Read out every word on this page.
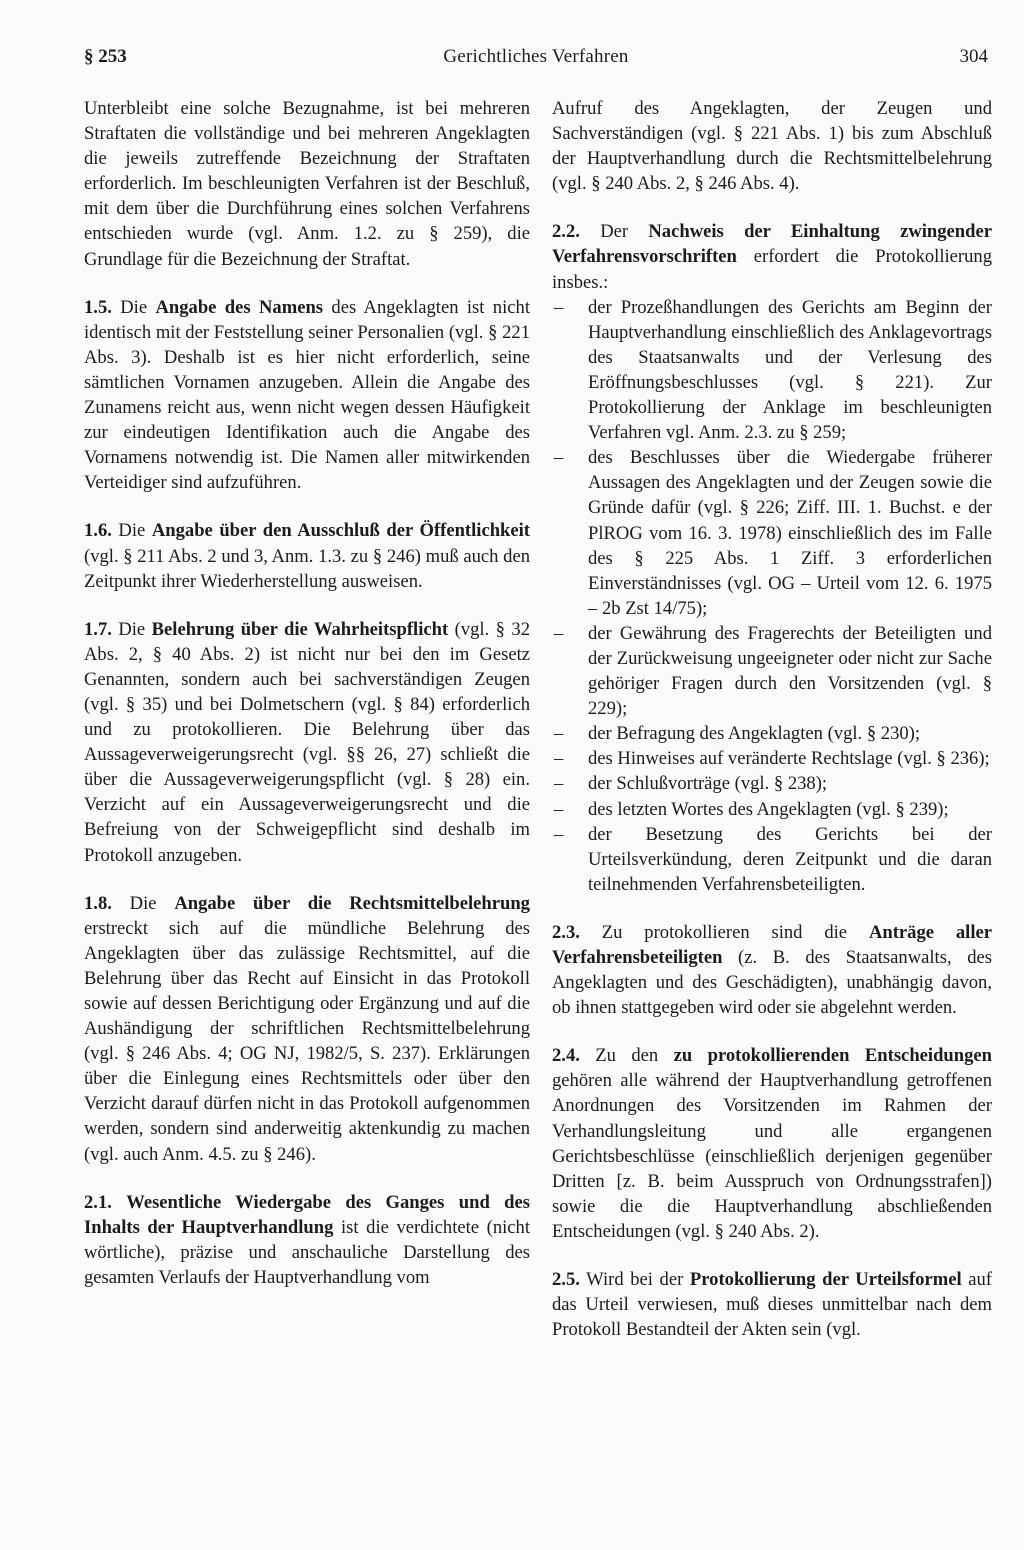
Gerichtliches Verfahren
§ 253	304

Unterbleibt eine solche Bezugnahme, ist bei mehreren Straftaten die vollständige und bei mehreren Angeklagten die jeweils zutreffende Bezeichnung der Straftaten erforderlich. Im beschleunigten Verfahren ist der Beschluß, mit dem über die Durchführung eines solchen Verfahrens entschieden wurde (vgl. Anm. 1.2. zu § 259), die Grundlage für die Bezeichnung der Straftat.

1.5. Die Angabe des Namens des Angeklagten ist nicht identisch mit der Feststellung seiner Personalien (vgl. § 221 Abs. 3). Deshalb ist es hier nicht erforderlich, seine sämtlichen Vornamen anzugeben. Allein die Angabe des Zunamens reicht aus, wenn nicht wegen dessen Häufigkeit zur eindeutigen Identifikation auch die Angabe des Vornamens notwendig ist. Die Namen aller mitwirkenden Verteidiger sind aufzuführen.

1.6. Die Angabe über den Ausschluß der Öffentlichkeit (vgl. § 211 Abs. 2 und 3, Anm. 1.3. zu § 246) muß auch den Zeitpunkt ihrer Wiederherstellung ausweisen.

1.7. Die Belehrung über die Wahrheitspflicht (vgl. § 32 Abs. 2, § 40 Abs. 2) ist nicht nur bei den im Gesetz Genannten, sondern auch bei sachverständigen Zeugen (vgl. § 35) und bei Dolmetschern (vgl. § 84) erforderlich und zu protokollieren. Die Belehrung über das Aussageverweigerungsrecht (vgl. §§ 26, 27) schließt die über die Aussageverweigerungspflicht (vgl. § 28) ein. Verzicht auf ein Aussageverweigerungsrecht und die Befreiung von der Schweigepflicht sind deshalb im Protokoll anzugeben.

1.8. Die Angabe über die Rechtsmittelbelehrung erstreckt sich auf die mündliche Belehrung des Angeklagten über das zulässige Rechtsmittel, auf die Belehrung über das Recht auf Einsicht in das Protokoll sowie auf dessen Berichtigung oder Ergänzung und auf die Aushändigung der schriftlichen Rechtsmittelbelehrung (vgl. § 246 Abs. 4; OG NJ, 1982/5, S. 237). Erklärungen über die Einlegung eines Rechtsmittels oder über den Verzicht darauf dürfen nicht in das Protokoll aufgenommen werden, sondern sind anderweitig aktenkundig zu machen (vgl. auch Anm. 4.5. zu § 246).

2.1. Wesentliche Wiedergabe des Ganges und des Inhalts der Hauptverhandlung ist die verdichtete (nicht wörtliche), präzise und anschauliche Darstellung des gesamten Verlaufs der Hauptverhandlung vom

Aufruf des Angeklagten, der Zeugen und Sachverständigen (vgl. § 221 Abs. 1) bis zum Abschluß der Hauptverhandlung durch die Rechtsmittelbelehrung (vgl. § 240 Abs. 2, § 246 Abs. 4).

2.2. Der Nachweis der Einhaltung zwingender Verfahrensvorschriften erfordert die Protokollierung insbes.:

– der Prozeßhandlungen des Gerichts am Beginn der Hauptverhandlung einschließlich des Anklagevortrags des Staatsanwalts und der Verlesung des Eröffnungsbeschlusses (vgl. § 221). Zur Protokollierung der Anklage im beschleunigten Verfahren vgl. Anm. 2.3. zu § 259;
– des Beschlusses über die Wiedergabe früherer Aussagen des Angeklagten und der Zeugen sowie die Gründe dafür (vgl. § 226; Ziff. III. 1. Buchst. e der PlROG vom 16. 3. 1978) einschließlich des im Falle des § 225 Abs. 1 Ziff. 3 erforderlichen Einverständnisses (vgl. OG – Urteil vom 12. 6. 1975 – 2b Zst 14/75);
– der Gewährung des Fragerechts der Beteiligten und der Zurückweisung ungeeigneter oder nicht zur Sache gehöriger Fragen durch den Vorsitzenden (vgl. § 229);
– der Befragung des Angeklagten (vgl. § 230);
– des Hinweises auf veränderte Rechtslage (vgl. § 236);
– der Schlußvorträge (vgl. § 238);
– des letzten Wortes des Angeklagten (vgl. § 239);
– der Besetzung des Gerichts bei der Urteilsverkündung, deren Zeitpunkt und die daran teilnehmenden Verfahrensbeteiligten.

2.3. Zu protokollieren sind die Anträge aller Verfahrensbeteiligten (z. B. des Staatsanwalts, des Angeklagten und des Geschädigten), unabhängig davon, ob ihnen stattgegeben wird oder sie abgelehnt werden.

2.4. Zu den zu protokollierenden Entscheidungen gehören alle während der Hauptverhandlung getroffenen Anordnungen des Vorsitzenden im Rahmen der Verhandlungsleitung und alle ergangenen Gerichtsbeschlüsse (einschließlich derjenigen gegenüber Dritten [z. B. beim Ausspruch von Ordnungsstrafen]) sowie die die Hauptverhandlung abschließenden Entscheidungen (vgl. § 240 Abs. 2).

2.5. Wird bei der Protokollierung der Urteilsformel auf das Urteil verwiesen, muß dieses unmittelbar nach dem Protokoll Bestandteil der Akten sein (vgl.
